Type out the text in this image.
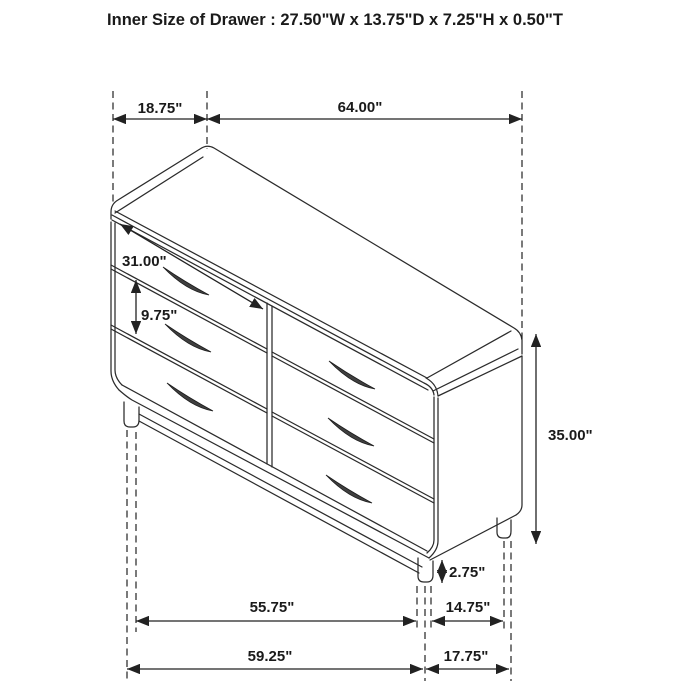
Inner Size of Drawer : 27.50"W x 13.75"D x 7.25"H x 0.50"T
18.75"	64.00"
31.00"
9.75"
35.00"
2.75"
55.75"	14.75"
59.25"	17.75"
